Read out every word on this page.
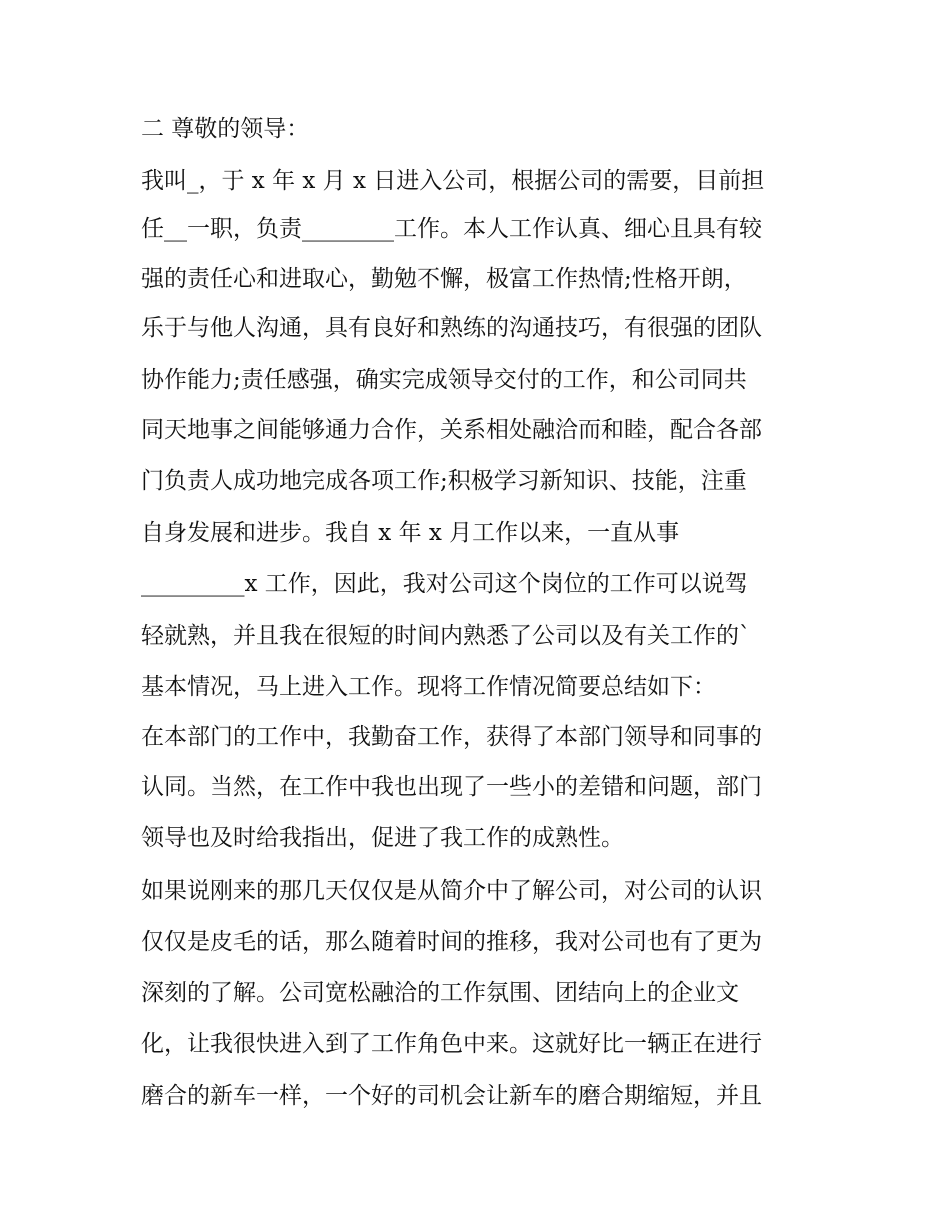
二 尊敬的领导：

我叫_，于 x 年 x 月 x 日进入公司，根据公司的需要，目前担

任__一职，负责________工作。本人工作认真、细心且具有较

强的责任心和进取心，勤勉不懈，极富工作热情;性格开朗，

乐于与他人沟通，具有良好和熟练的沟通技巧，有很强的团队

协作能力;责任感强，确实完成领导交付的工作，和公司同共

同天地事之间能够通力合作，关系相处融洽而和睦，配合各部

门负责人成功地完成各项工作;积极学习新知识、技能，注重

自身发展和进步。我自 x 年 x 月工作以来，一直从事

_________x 工作，因此，我对公司这个岗位的工作可以说驾

轻就熟，并且我在很短的时间内熟悉了公司以及有关工作的`

基本情况，马上进入工作。现将工作情况简要总结如下：

在本部门的工作中，我勤奋工作，获得了本部门领导和同事的

认同。当然，在工作中我也出现了一些小的差错和问题，部门

领导也及时给我指出，促进了我工作的成熟性。

如果说刚来的那几天仅仅是从简介中了解公司，对公司的认识

仅仅是皮毛的话，那么随着时间的推移，我对公司也有了更为

深刻的了解。公司宽松融洽的工作氛围、团结向上的企业文

化，让我很快进入到了工作角色中来。这就好比一辆正在进行

磨合的新车一样，一个好的司机会让新车的磨合期缩短，并且
